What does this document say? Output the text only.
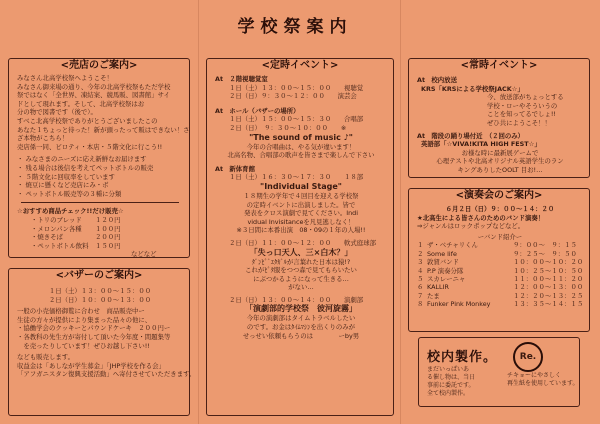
学校祭案内
<売店のご案内>
みなさん北高学校祭へようこそ！
みなさん御来場の通り、今年の北高学校祭もただ学校
祭ではなく「全世界、凍結案、競馬販、図書館」サイ
ドとして現れます。そして、北高学校祭はお
分の物で図書です（後で）。
すべこ北高学校祭でありがとうございましたこの
あなた１ちょっと待った！新が頭ったって販はできない！さ
ざ本物がこちら！
売店係一同、ビロティ・本店・５階文化に行こう!!
・ みなさまのニーズに応え新鮮なお届けます
・ 残る場合は後信を考えてペットボトルの販売
・ ５階文化に回収率をしています
・ 焼豆に懸くなど売店にみ・ボ
・ ペットボトル販売等の３種に分類
☆おすすめ商品チェック!!だけ販売☆
・トリのブレッド １２０円
・メロンパン各種 １００円
・焼きそば	２００円
・ペットボトル飲料 １５０円
などなど
<バザーのご案内>
１日（土）１３：００～１５：００
２日（日）１０：００～１３：００
一般の小売価格御覧に合わせ　商品販売中ー
生徒の方々が提供により集まった品々の他に、
・協働学会のクッキーとパウンドケーキ　２００円ー
・各教科の先生方が寄付して頂いた今年度・間題集等
　を売ったりしています！ぜひお越し下さい!!
なども販売します。
収益金は「あしなが学生募金」「JHP学校を作る会」
「アフガニスタン復興支援活動」へ寄付させていただきます。
<定時イベント>
At　２階視聴覚室
１日（土）１３：００～１５：００　　視聴覚
２日（日）９：３０～１２：００　　演芸会
At　ホール（バザーの場所）
１日（土）１５：００～１５：３０　　合唱部
２日（日）　９：３０～１０：００　　※
"The sound of music ♪"
今年の合唱曲は、やる気が違います！
北高名物、合唱部の歌声を皆さまで楽しんで下さい
At　新体育館
１日（土）１６：３０～１７：３０　　１８部
"Individual Stage"
１８期生の学年で４回目を迎える学校祭
の定時イベントに出演しました。皆で
発表をクロス演劇で見てください。Indi
vidual Invisitanceを凡見逃しなく！
※３日間に本番出演　08・09の１年の人場!!
２日（日）１１：００～１２：００　　軟式庭球部
「失っ口天人、三×白木？」
ﾀﾞﾝﾋﾟﾞｴﾀｶﾞﾙが言葉れた日本は猿!?
これがﾋﾟﾀ服をつつ森で見てもらいたい
にぶつかるようになって生きる…
がない…
２日（日）１３：００～１４：００　　演劇部
「演劇部的学校祭　彼河旋霧」
今年の演劇部はタイムトラベルしたい
のです。お金はﾀｲﾑﾏｼﾝを出くりのみが
せっせい依頼もらうのは　　　　ーby男
<常時イベント>
At　校内放送
KRS「KRSによる学校祭JACK☆」
今、放送部がちょっとする
学校・ローやそういうの
ことを知ってるでしょ!!
ぜひ共にようこそ！！
At　階段の踊り場付近　（２回のみ）
英語部「☆VIVA!KITA HIGH FEST☆」
お様な時に最新展ゲームで
心理テストや北高オリジナル英語学生のラン
キングありしたOOLT 目お!…
<演奏会のご案内>
６月２日（日）９：００～１４：２０
★北高生による皆さんのためのバンド演奏！
⇒ジャンルはロックポップなどなど。
ーバンド紹介ー
１ ザ・ベチャリくん	９：００～　９：１５
２ Some life	９：２５～　９：５０
３ 敦賀バンド	１０：００～１０：２０
４ P.P 演奏分隊	１０：２５～１０：５０
５ スカレーニャ	１１：００～１１：２０
６ KALLIR	１２：００～１３：００
７ たま	１２：２０～１３：２５
８ Funker Pink Monkey	１３：３５～１４：１５
校内製作。
まだいっぱいあ
る催し物は、当日
事前に委託です。
全て校内製作。
Re.
チキョーにやさしく
再生紙を使用しています。
